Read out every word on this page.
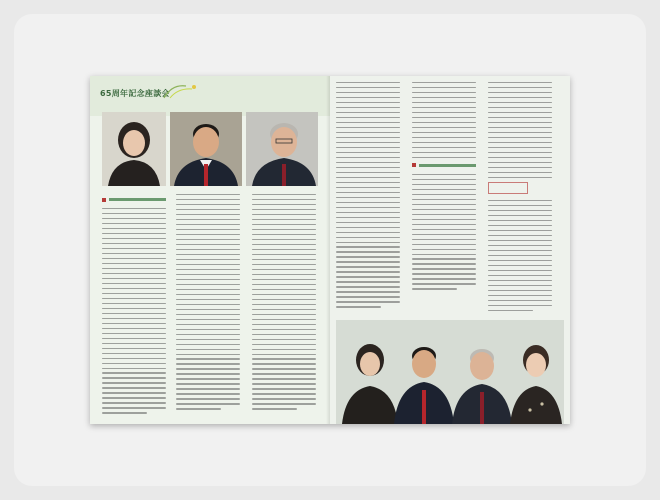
65周年記念座談会
